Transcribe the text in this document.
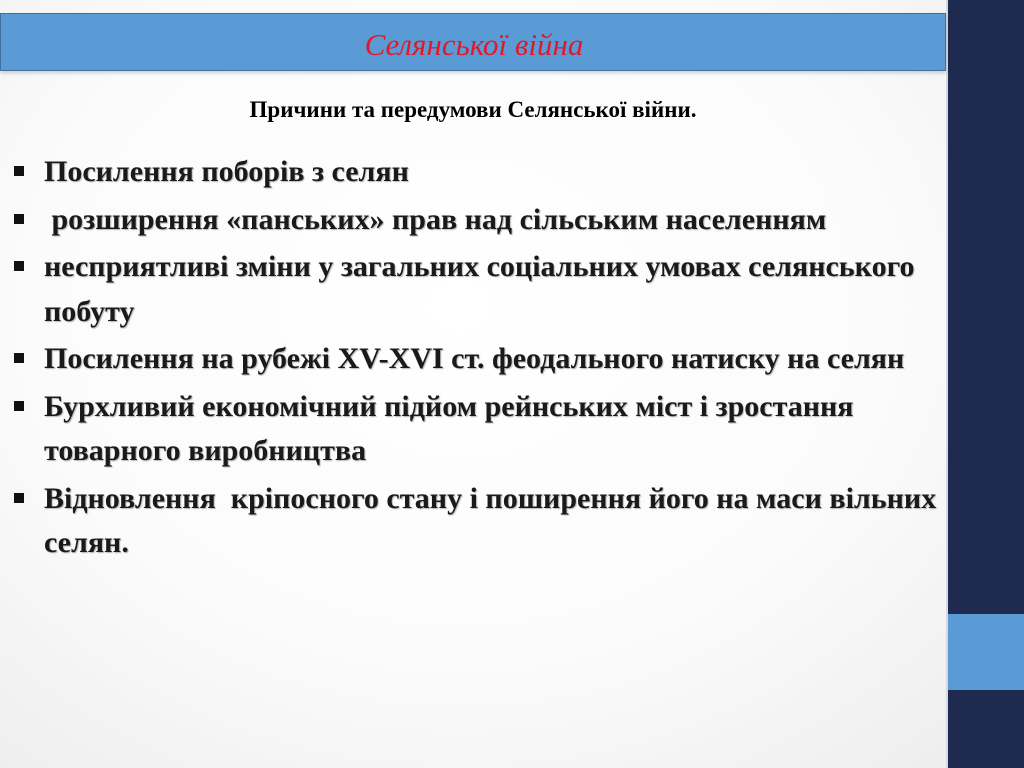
Селянської війна
Причини та передумови Селянської війни.
Посилення поборів з селян
розширення «панських» прав над сільським населенням
несприятливі зміни у загальних соціальних умовах селянського побуту
Посилення на рубежі XV-XVI ст. феодального натиску на селян
Бурхливий економічний підйом рейнських міст і зростання товарного виробництва
Відновлення  кріпосного стану і поширення його на маси вільних селян.
